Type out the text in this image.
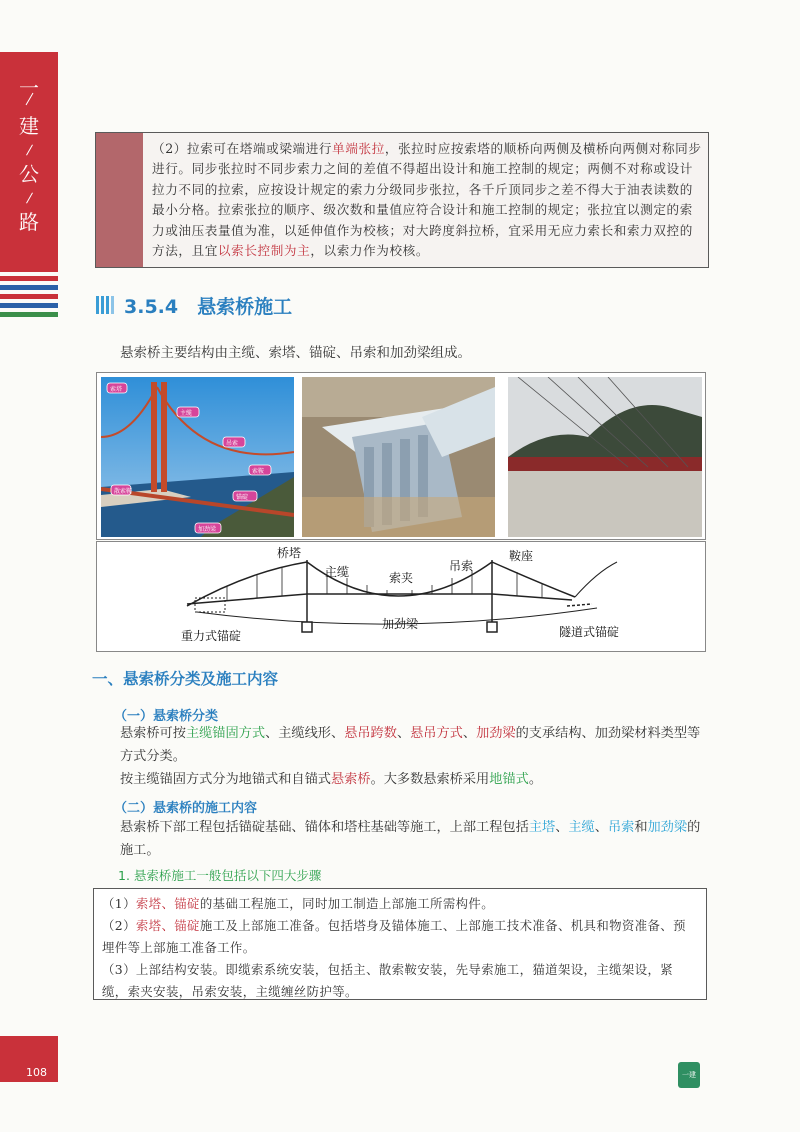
建
公
路
一

（2）拉索可在塔端或梁端进行单端张拉，张拉时应按索塔的顺桥向两侧及横桥向两侧对称同步进行。同步张拉时不同步索力之间的差值不得超出设计和施工控制的规定；两侧不对称或设计拉力不同的拉索，应按设计规定的索力分级同步张拉，各千斤顶同步之差不得大于油表读数的最小分格。拉索张拉的顺序、级次数和量值应符合设计和施工控制的规定；张拉宜以测定的索力或油压表量值为准，以延伸值作为校核；对大跨度斜拉桥，宜采用无应力索长和索力双控的方法，且宜以索长控制为主，以索力作为校核。

3.5.4　悬索桥施工
悬索桥主要结构由主缆、索塔、锚碇、吊索和加劲梁组成。
索塔
主缆
吊索
索鞍
散索鞍
锚碇
加劲梁
桥塔
主缆	索夹
吊索
鞍座
加劲梁
重力式锚碇	隧道式锚碇
一、悬索桥分类及施工内容
（一）悬索桥分类
悬索桥可按主缆锚固方式、主缆线形、悬吊跨数、悬吊方式、加劲梁的支承结构、加劲梁材料类型等方式分类。
按主缆锚固方式分为地锚式和自锚式悬索桥。大多数悬索桥采用地锚式。
（二）悬索桥的施工内容
悬索桥下部工程包括锚碇基础、锚体和塔柱基础等施工，上部工程包括主塔、主缆、吊索和加劲梁的施工。
1. 悬索桥施工一般包括以下四大步骤

（1）索塔、锚碇的基础工程施工，同时加工制造上部施工所需构件。

（2）索塔、锚碇施工及上部施工准备。包括塔身及锚体施工、上部施工技术准备、机具和物资准备、预埋件等上部施工准备工作。

（3）上部结构安装。即缆索系统安装，包括主、散索鞍安装，先导索施工，猫道架设，主缆架设，紧缆，索夹安装，吊索安装，主缆缠丝防护等。

108	一建
